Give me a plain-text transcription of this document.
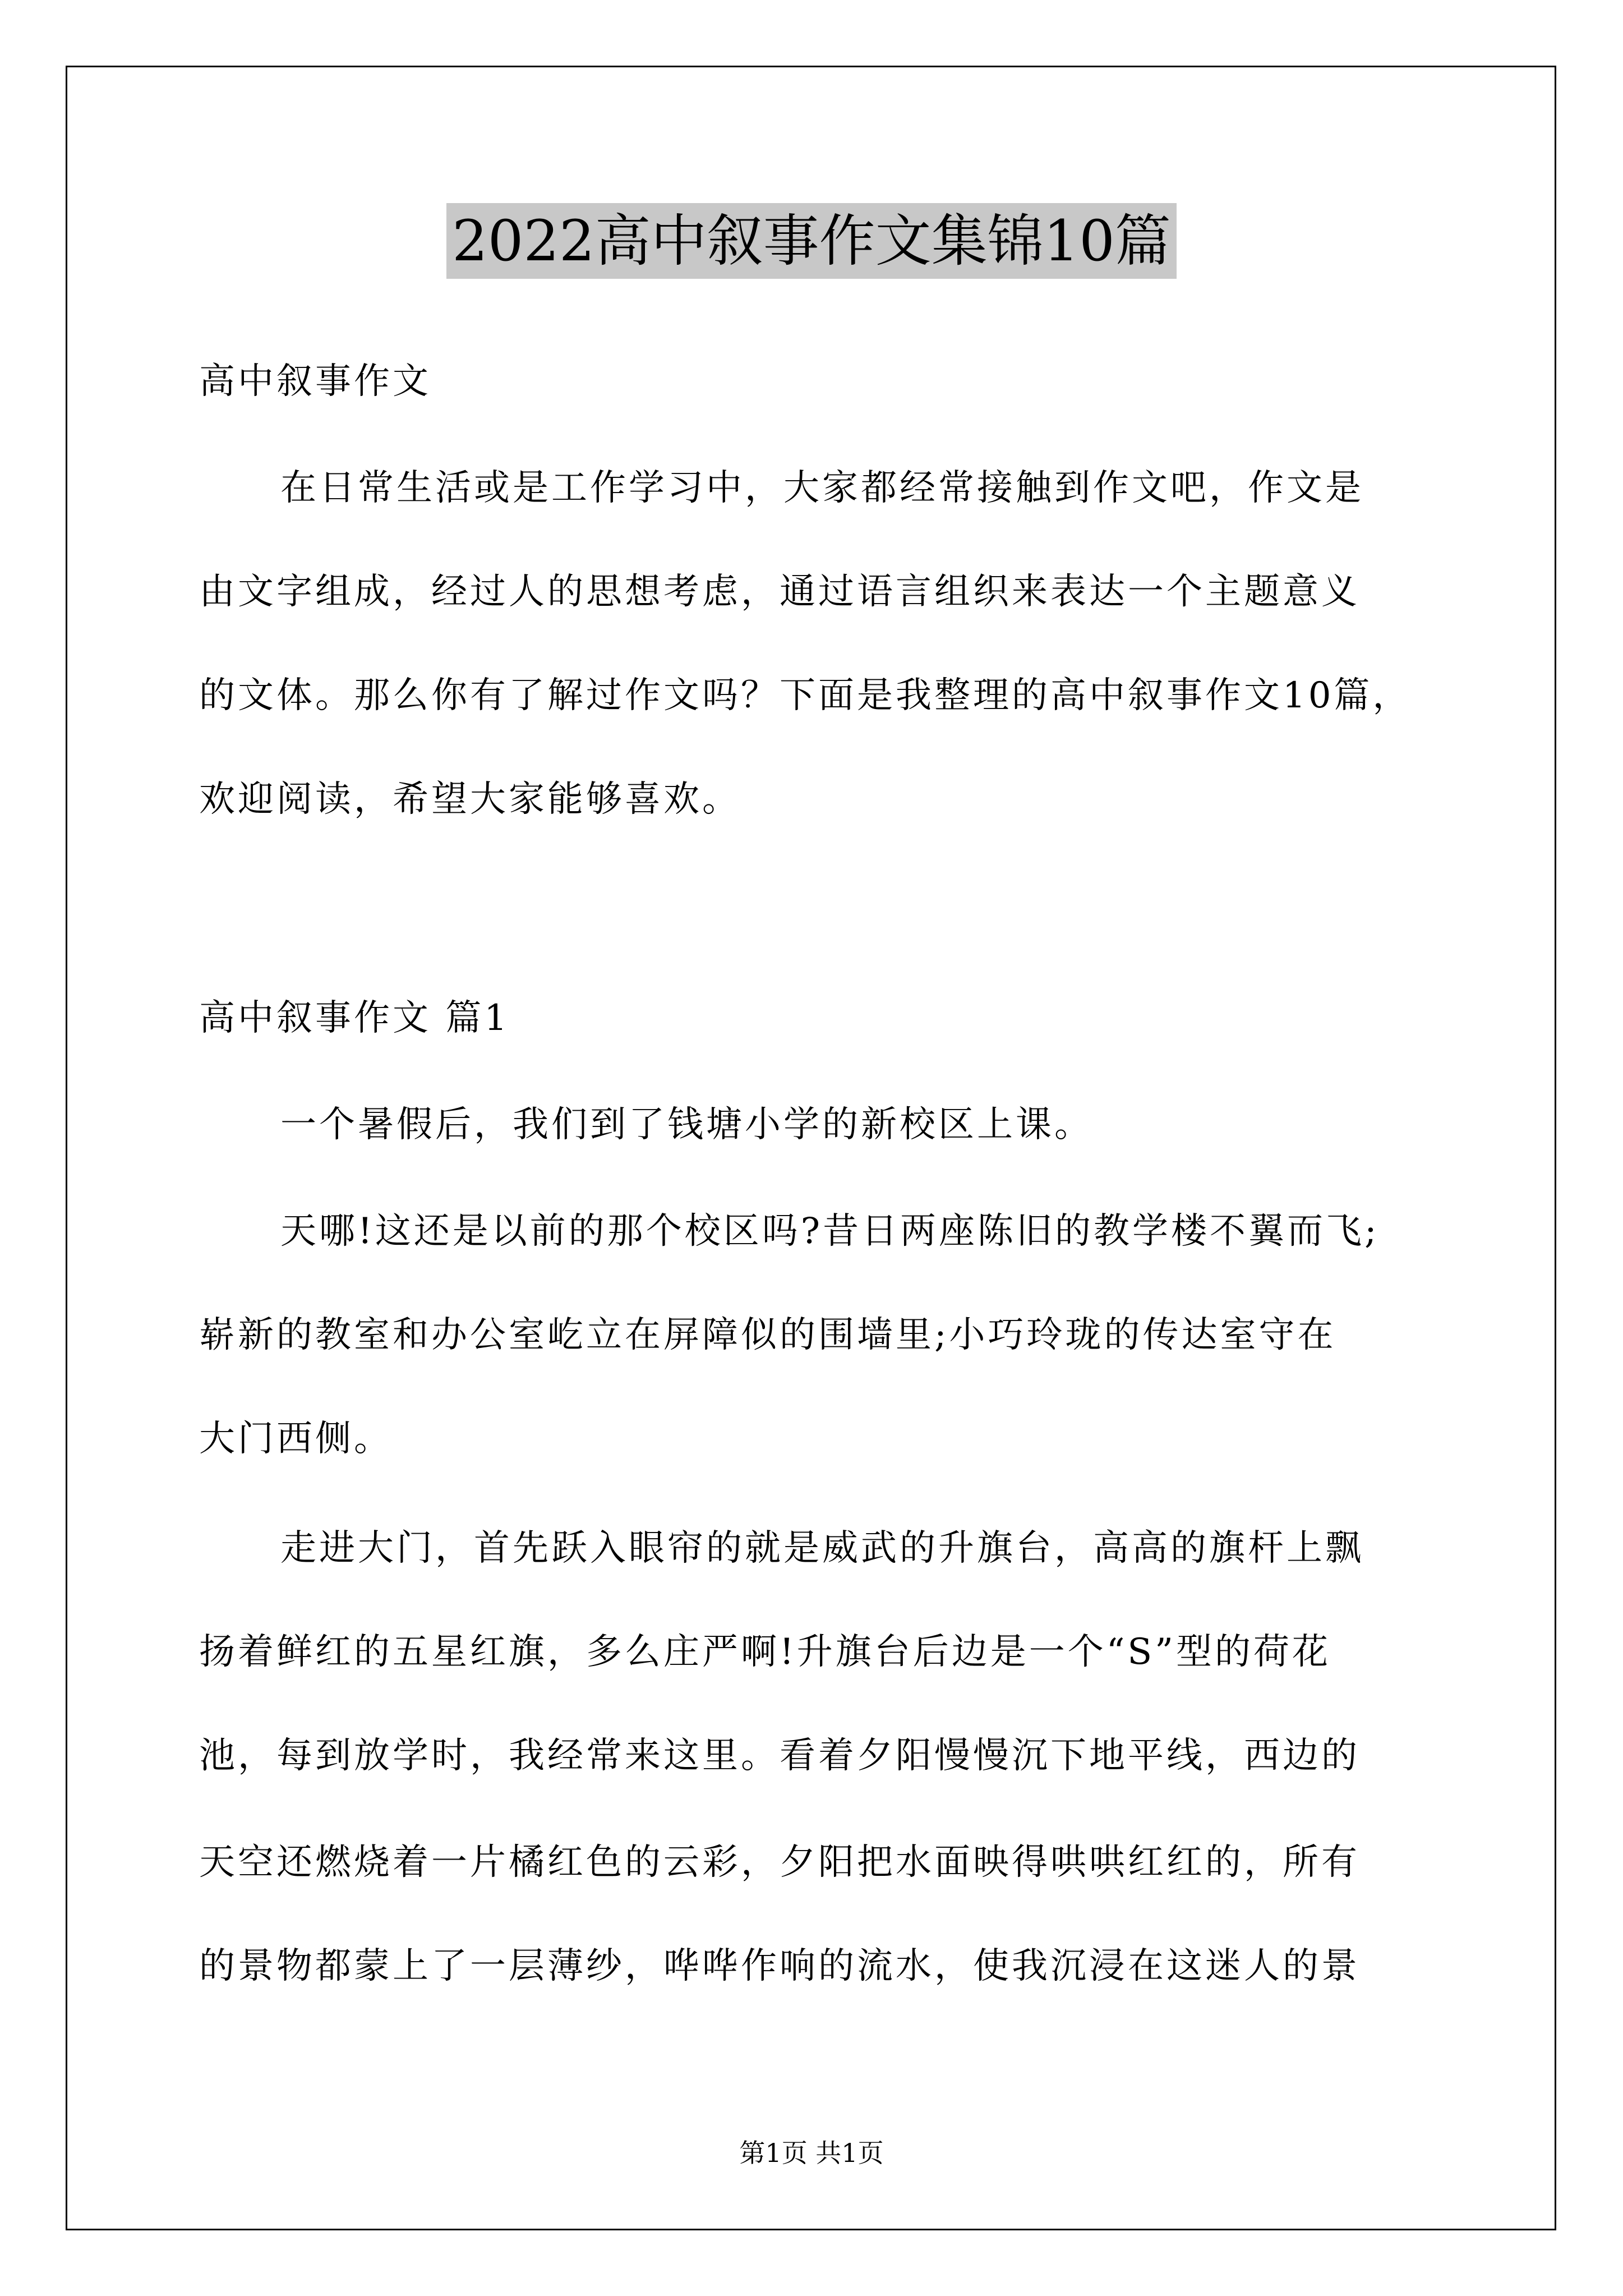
2022高中叙事作文集锦10篇
高中叙事作文
在日常生活或是工作学习中，大家都经常接触到作文吧，作文是
由文字组成，经过人的思想考虑，通过语言组织来表达一个主题意义
的文体。那么你有了解过作文吗？下面是我整理的高中叙事作文10篇，
欢迎阅读，希望大家能够喜欢。
高中叙事作文 篇1
一个暑假后，我们到了钱塘小学的新校区上课。
天哪!这还是以前的那个校区吗?昔日两座陈旧的教学楼不翼而飞;
崭新的教室和办公室屹立在屏障似的围墙里;小巧玲珑的传达室守在
大门西侧。
走进大门，首先跃入眼帘的就是威武的升旗台，高高的旗杆上飘
扬着鲜红的五星红旗，多么庄严啊!升旗台后边是一个“S”型的荷花
池，每到放学时，我经常来这里。看着夕阳慢慢沉下地平线，西边的
天空还燃烧着一片橘红色的云彩，夕阳把水面映得哄哄红红的，所有
的景物都蒙上了一层薄纱，哗哗作响的流水，使我沉浸在这迷人的景
第1页 共1页
